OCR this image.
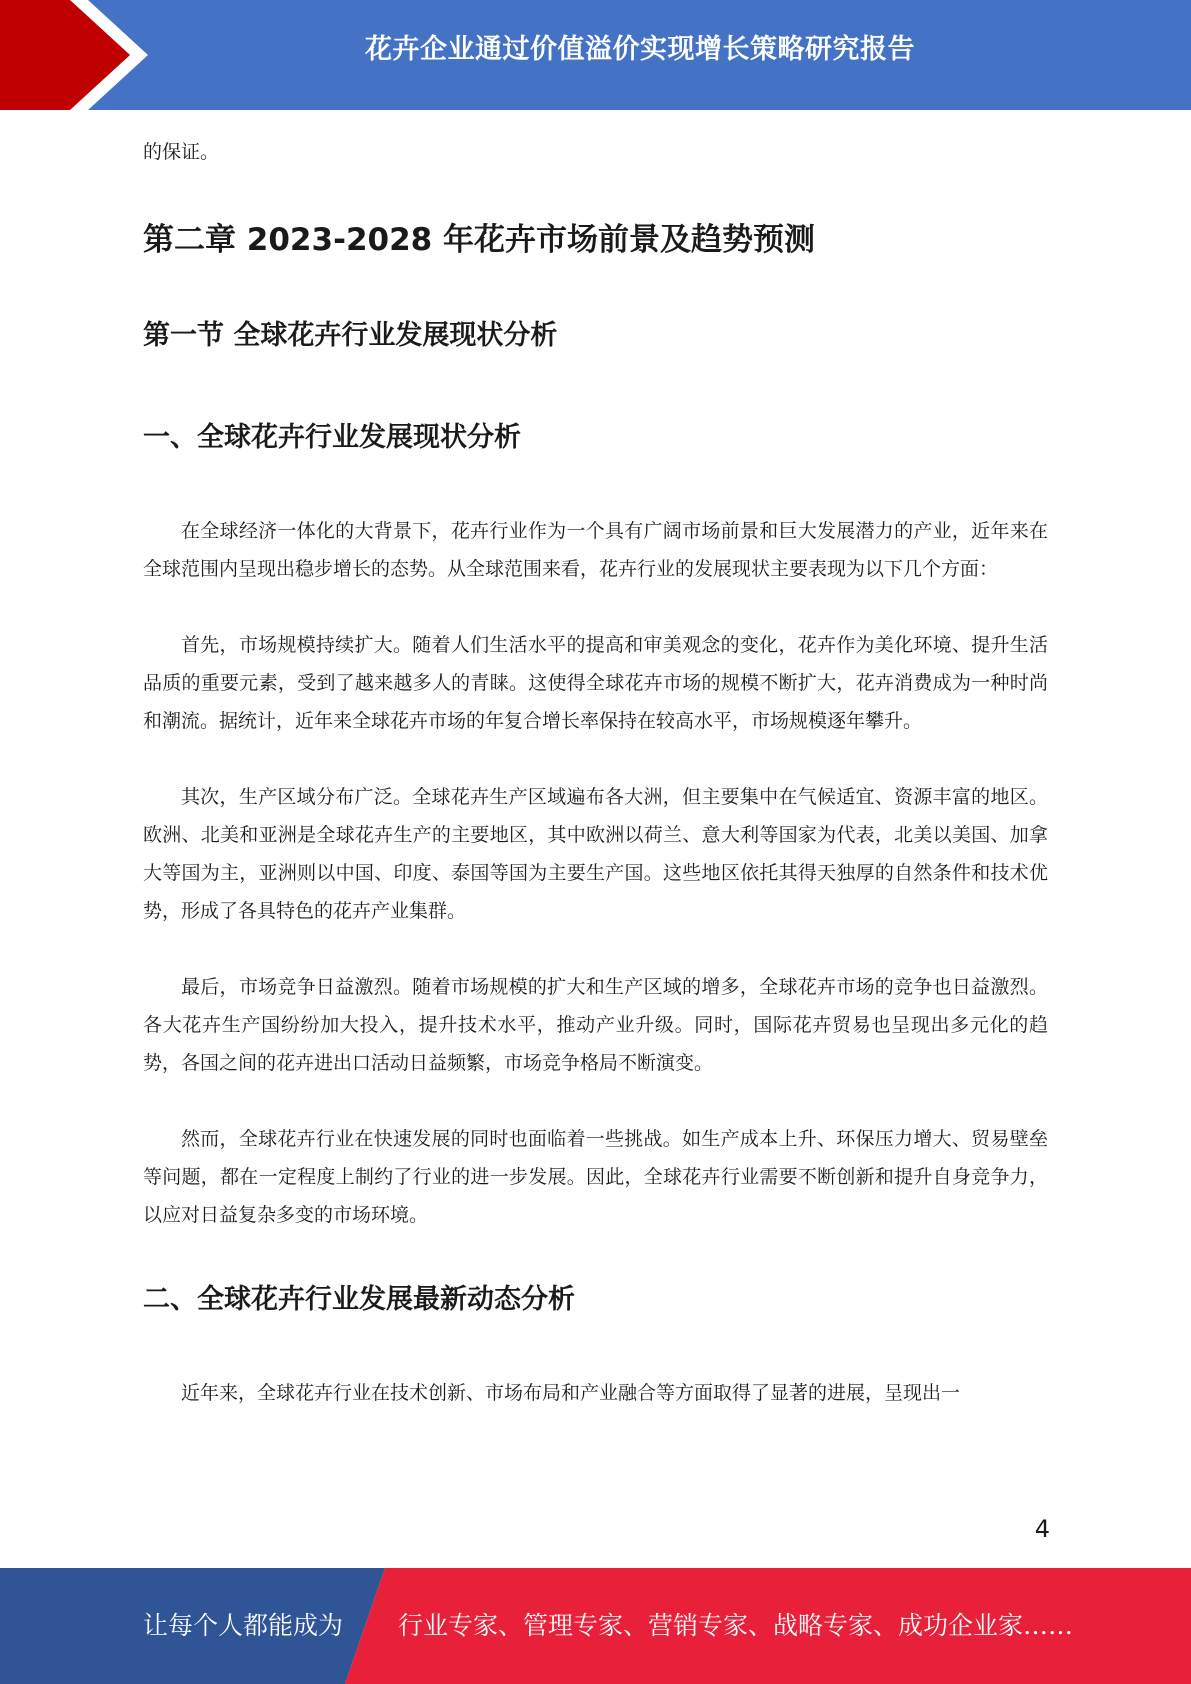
花卉企业通过价值溢价实现增长策略研究报告

的保证。

第二章 2023-2028 年花卉市场前景及趋势预测
第一节 全球花卉行业发展现状分析
一、全球花卉行业发展现状分析

在全球经济一体化的大背景下，花卉行业作为一个具有广阔市场前景和巨大发展潜力的产业，近年来在全球范围内呈现出稳步增长的态势。从全球范围来看，花卉行业的发展现状主要表现为以下几个方面：

首先，市场规模持续扩大。随着人们生活水平的提高和审美观念的变化，花卉作为美化环境、提升生活品质的重要元素，受到了越来越多人的青睐。这使得全球花卉市场的规模不断扩大，花卉消费成为一种时尚和潮流。据统计，近年来全球花卉市场的年复合增长率保持在较高水平，市场规模逐年攀升。

其次，生产区域分布广泛。全球花卉生产区域遍布各大洲，但主要集中在气候适宜、资源丰富的地区。欧洲、北美和亚洲是全球花卉生产的主要地区，其中欧洲以荷兰、意大利等国家为代表，北美以美国、加拿大等国为主，亚洲则以中国、印度、泰国等国为主要生产国。这些地区依托其得天独厚的自然条件和技术优势，形成了各具特色的花卉产业集群。

最后，市场竞争日益激烈。随着市场规模的扩大和生产区域的增多，全球花卉市场的竞争也日益激烈。各大花卉生产国纷纷加大投入，提升技术水平，推动产业升级。同时，国际花卉贸易也呈现出多元化的趋势，各国之间的花卉进出口活动日益频繁，市场竞争格局不断演变。

然而，全球花卉行业在快速发展的同时也面临着一些挑战。如生产成本上升、环保压力增大、贸易壁垒等问题，都在一定程度上制约了行业的进一步发展。因此，全球花卉行业需要不断创新和提升自身竞争力，以应对日益复杂多变的市场环境。

二、全球花卉行业发展最新动态分析

近年来，全球花卉行业在技术创新、市场布局和产业融合等方面取得了显著的进展，呈现出一

4
让每个人都能成为 行业专家、管理专家、营销专家、战略专家、成功企业家……
